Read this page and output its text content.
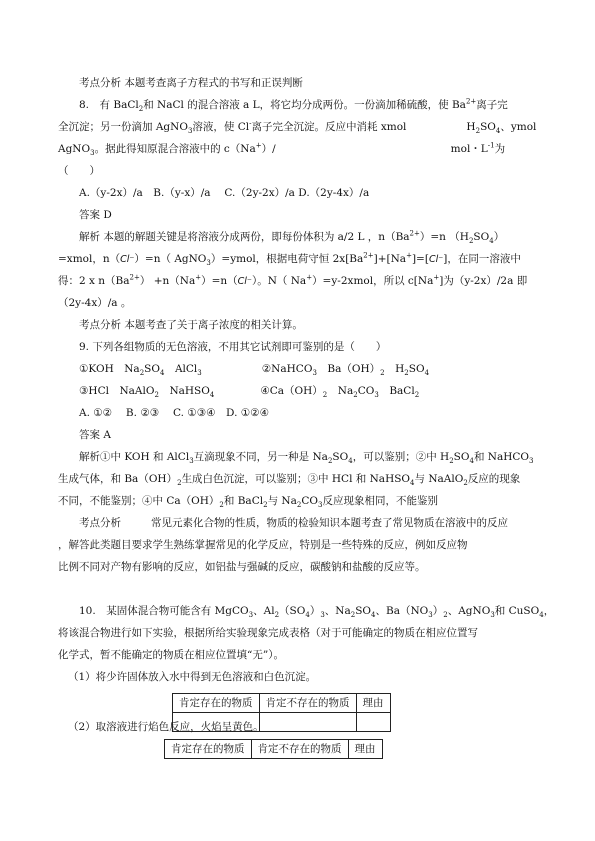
考点分析 本题考查离子方程式的书写和正误判断
8.　有 BaCl$_2$和 NaCl 的混合溶液 a L，将它均分成两份。一份滴加稀硫酸，使 $Ba^{2+}$离子完
全沉淀；另一份滴加 AgNO$_3$溶液，使 Cl-离子完全沉淀。反应中消耗 xmol	$H_2SO_4$、ymol
AgNO$_3$。据此得知原混合溶液中的 c（Na+）/	mol・$L^{-1}$为
（　　）
A.（y-2x）/a　B.（y-x）/a　 C.（2y-2x）/a D.（2y-4x）/a
答案 D
解析 本题的解题关键是将溶液分成两份，即每份体积为 a/2 L ，$n(Ba^{2+})=n$ $(H_2SO_4)$
=xmol，n（Cl⁻）=n（ AgNO$_3$）=ymol，根据电荷守恒 $2x[Ba^{2+}]+[Na^+]=[Cl^-]$，在同一溶液中
得：2 x $n(Ba^{2+}) +n(Na^+)=n(Cl^-)$。N（ Na+）=y-2xmol，所以 c[Na+]为（y-2x）/2a 即
（2y-4x）/a 。
考点分析 本题考查了关于离子浓度的相关计算。
9. 下列各组物质的无色溶液，不用其它试剂即可鉴别的是（　　）
①KOH　$Na_2SO_4$　 AlCl$_3$	②NaHCO$_3$　 $Ba(OH)_2$　 $H_2SO_4$
③HCl　NaAlO$_2$　 NaHSO$_4$	$④Ca(OH)_2$　 $Na_2CO_3$　 BaCl$_2$
A. ①②　 B. ②③　 C. ①③④　D. ①②④
答案 A
解析①中 KOH 和 AlCl$_3$互滴现象不同，另一种是 $Na_2SO_4$，可以鉴别；②中 $H_2SO_4$和 NaHCO$_3$
生成气体，和 $Ba(OH)_2$生成白色沉淀，可以鉴别；③中 HCl 和 NaHSO$_4$与 NaAlO$_2$反应的现象
不同，不能鉴别；④中 $Ca(OH)_2$和 BaCl$_2$与 $Na_2CO_3$反应现象相同，不能鉴别
考点分析	常见元素化合物的性质，物质的检验知识本题考查了常见物质在溶液中的反应
，解答此类题目要求学生熟练掌握常见的化学反应，特别是一些特殊的反应，例如反应物
比例不同对产物有影响的反应，如铝盐与强碱的反应，碳酸钠和盐酸的反应等。
10.　某固体混合物可能含有 MgCO$_3$、$Al_2(SO_4)_3$、$Na_2SO_4$、$Ba(NO_3)_2$、AgNO$_3$和 CuSO$_4$，
将该混合物进行如下实验，根据所给实验现象完成表格（对于可能确定的物质在相应位置写
化学式，暂不能确定的物质在相应位置填“无”）。
（1）将少许固体放入水中得到无色溶液和白色沉淀。
肯定存在的物质	肯定不存在的物质	理由

（2）取溶液进行焰色反应，火焰呈黄色。
肯定存在的物质	肯定不存在的物质	理由
